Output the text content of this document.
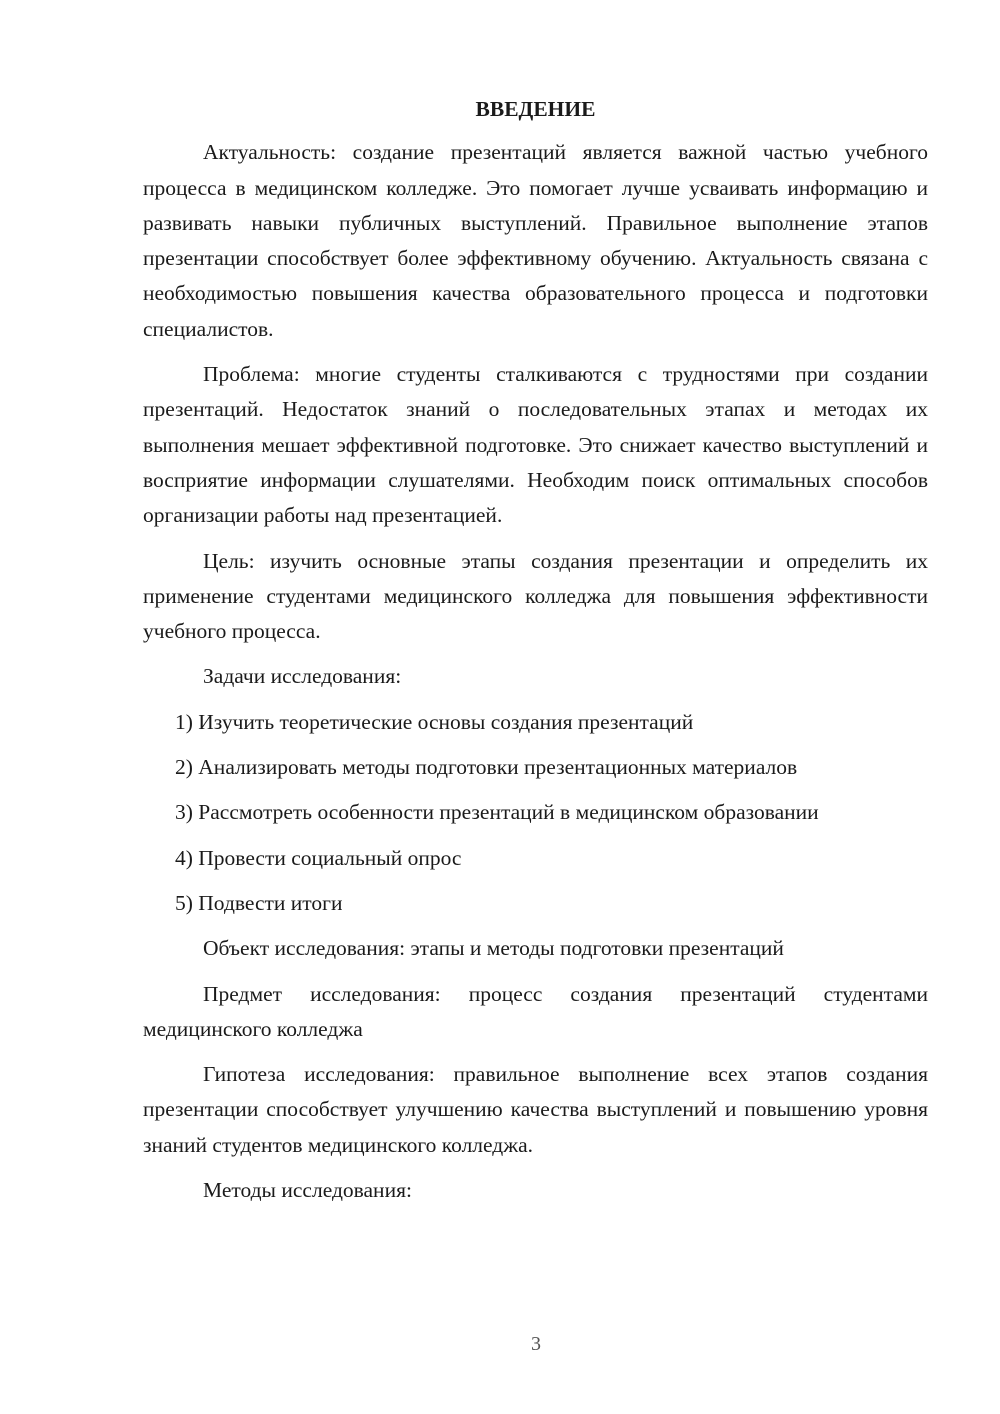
ВВЕДЕНИЕ

Актуальность: создание презентаций является важной частью учебного процесса в медицинском колледже. Это помогает лучше усваивать информацию и развивать навыки публичных выступлений. Правильное выполнение этапов презентации способствует более эффективному обучению. Актуальность связана с необходимостью повышения качества образовательного процесса и подготовки специалистов.

Проблема: многие студенты сталкиваются с трудностями при создании презентаций. Недостаток знаний о последовательных этапах и методах их выполнения мешает эффективной подготовке. Это снижает качество выступлений и восприятие информации слушателями. Необходим поиск оптимальных способов организации работы над презентацией.

Цель: изучить основные этапы создания презентации и определить их применение студентами медицинского колледжа для повышения эффективности учебного процесса.

Задачи исследования:

1) Изучить теоретические основы создания презентаций
2) Анализировать методы подготовки презентационных материалов
3) Рассмотреть особенности презентаций в медицинском образовании
4) Провести социальный опрос
5) Подвести итоги

Объект исследования: этапы и методы подготовки презентаций

Предмет исследования: процесс создания презентаций студентами медицинского колледжа

Гипотеза исследования: правильное выполнение всех этапов создания презентации способствует улучшению качества выступлений и повышению уровня знаний студентов медицинского колледжа.

Методы исследования:

3
